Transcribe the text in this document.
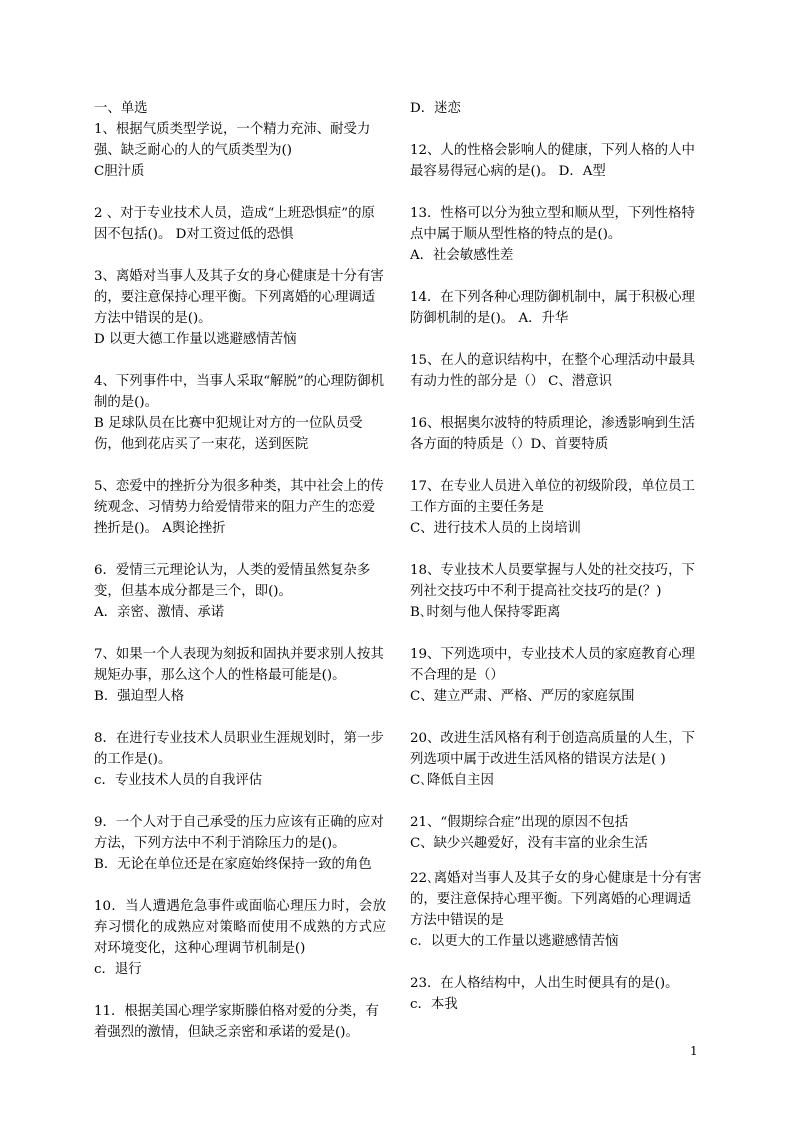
一、单选

1、根据气质类型学说，一个精力充沛、耐受力强、缺乏耐心的人的气质类型为()

C胆汁质

2 、对于专业技术人员，造成“上班恐惧症”的原因不包括()。 D对工资过低的恐惧

3、离婚对当事人及其子女的身心健康是十分有害的，要注意保持心理平衡。下列离婚的心理调适方法中错误的是()。

D 以更大德工作量以逃避感情苦恼

4、下列事件中，当事人采取“解脱”的心理防御机制的是()。

B 足球队员在比赛中犯规让对方的一位队员受伤，他到花店买了一束花，送到医院

5、恋爱中的挫折分为很多种类，其中社会上的传统观念、习情势力给爱情带来的阻力产生的恋爱挫折是()。 A舆论挫折

6．爱情三元理论认为，人类的爱情虽然复杂多变，但基本成分都是三个，即()。

A．亲密、激情、承诺

7、如果一个人表现为刻扳和固执并要求别人按其规矩办事，那么这个人的性格最可能是()。

B．强迫型人格

8．在进行专业技术人员职业生涯规划时，第一步的工作是()。

c．专业技术人员的自我评估

9．一个人对于自己承受的压力应该有正确的应对方法，下列方法中不利于消除压力的是()。

B．无论在单位还是在家庭始终保持一致的角色

10．当人遭遇危急事件或面临心理压力时，会放弃习惯化的成熟应对策略而使用不成熟的方式应对环境变化，这种心理调节机制是()

c．退行

11．根据美国心理学家斯滕伯格对爱的分类，有着强烈的激情，但缺乏亲密和承诺的爱是()。

D．迷恋

12、人的性格会影响人的健康，下列人格的人中最容易得冠心病的是()。 D．A型

13．性格可以分为独立型和顺从型，下列性格特点中属于顺从型性格的特点的是()。

A．社会敏感性差

14．在下列各种心理防御机制中，属于积极心理防御机制的是()。 A．升华

15、在人的意识结构中，在整个心理活动中最具有动力性的部分是（） C、潜意识

16、根据奥尔波特的特质理论，渗透影响到生活各方面的特质是（）D、首要特质

17、在专业人员进入单位的初级阶段，单位员工工作方面的主要任务是

C、进行技术人员的上岗培训

18、专业技术人员要掌握与人处的社交技巧，下列社交技巧中不利于提高社交技巧的是(？)

B､时刻与他人保持零距离

19、下列选项中，专业技术人员的家庭教育心理不合理的是（）

C、建立严肃、严格、严厉的家庭氛围

20、改进生活风格有利于创造高质量的人生，下列选项中属于改进生活风格的错误方法是( )

C､降低自主因

21、“假期综合症”出现的原因不包括

C、缺少兴趣爱好，没有丰富的业余生活

22､离婚对当事人及其子女的身心健康是十分有害的，要注意保持心理平衡。下列离婚的心理调适方法中错误的是

c．以更大的工作量以逃避感情苦恼

23．在人格结构中，人出生时便具有的是()。 c．本我

1
